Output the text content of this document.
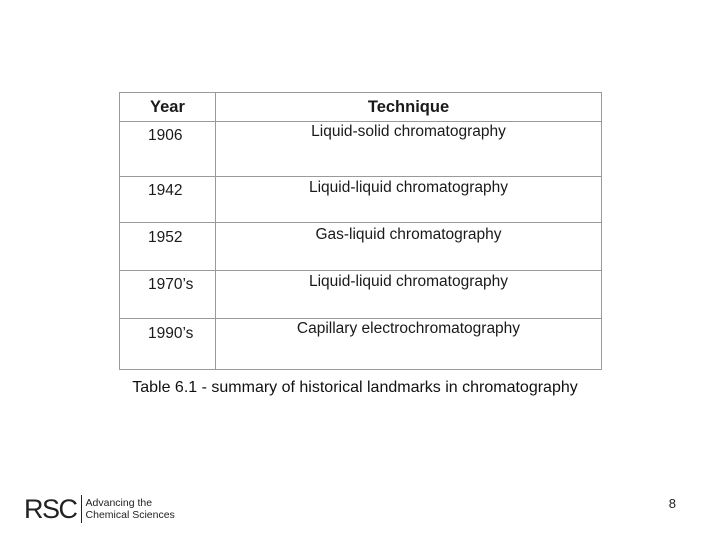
Year	Technique
1906	Liquid-solid chromatography
1942	Liquid-liquid chromatography
1952	Gas-liquid chromatography
1970’s	Liquid-liquid chromatography
1990’s	Capillary electrochromatography
Table 6.1 - summary of historical landmarks in chromatography
RSC Advancing the
Chemical Sciences
8
